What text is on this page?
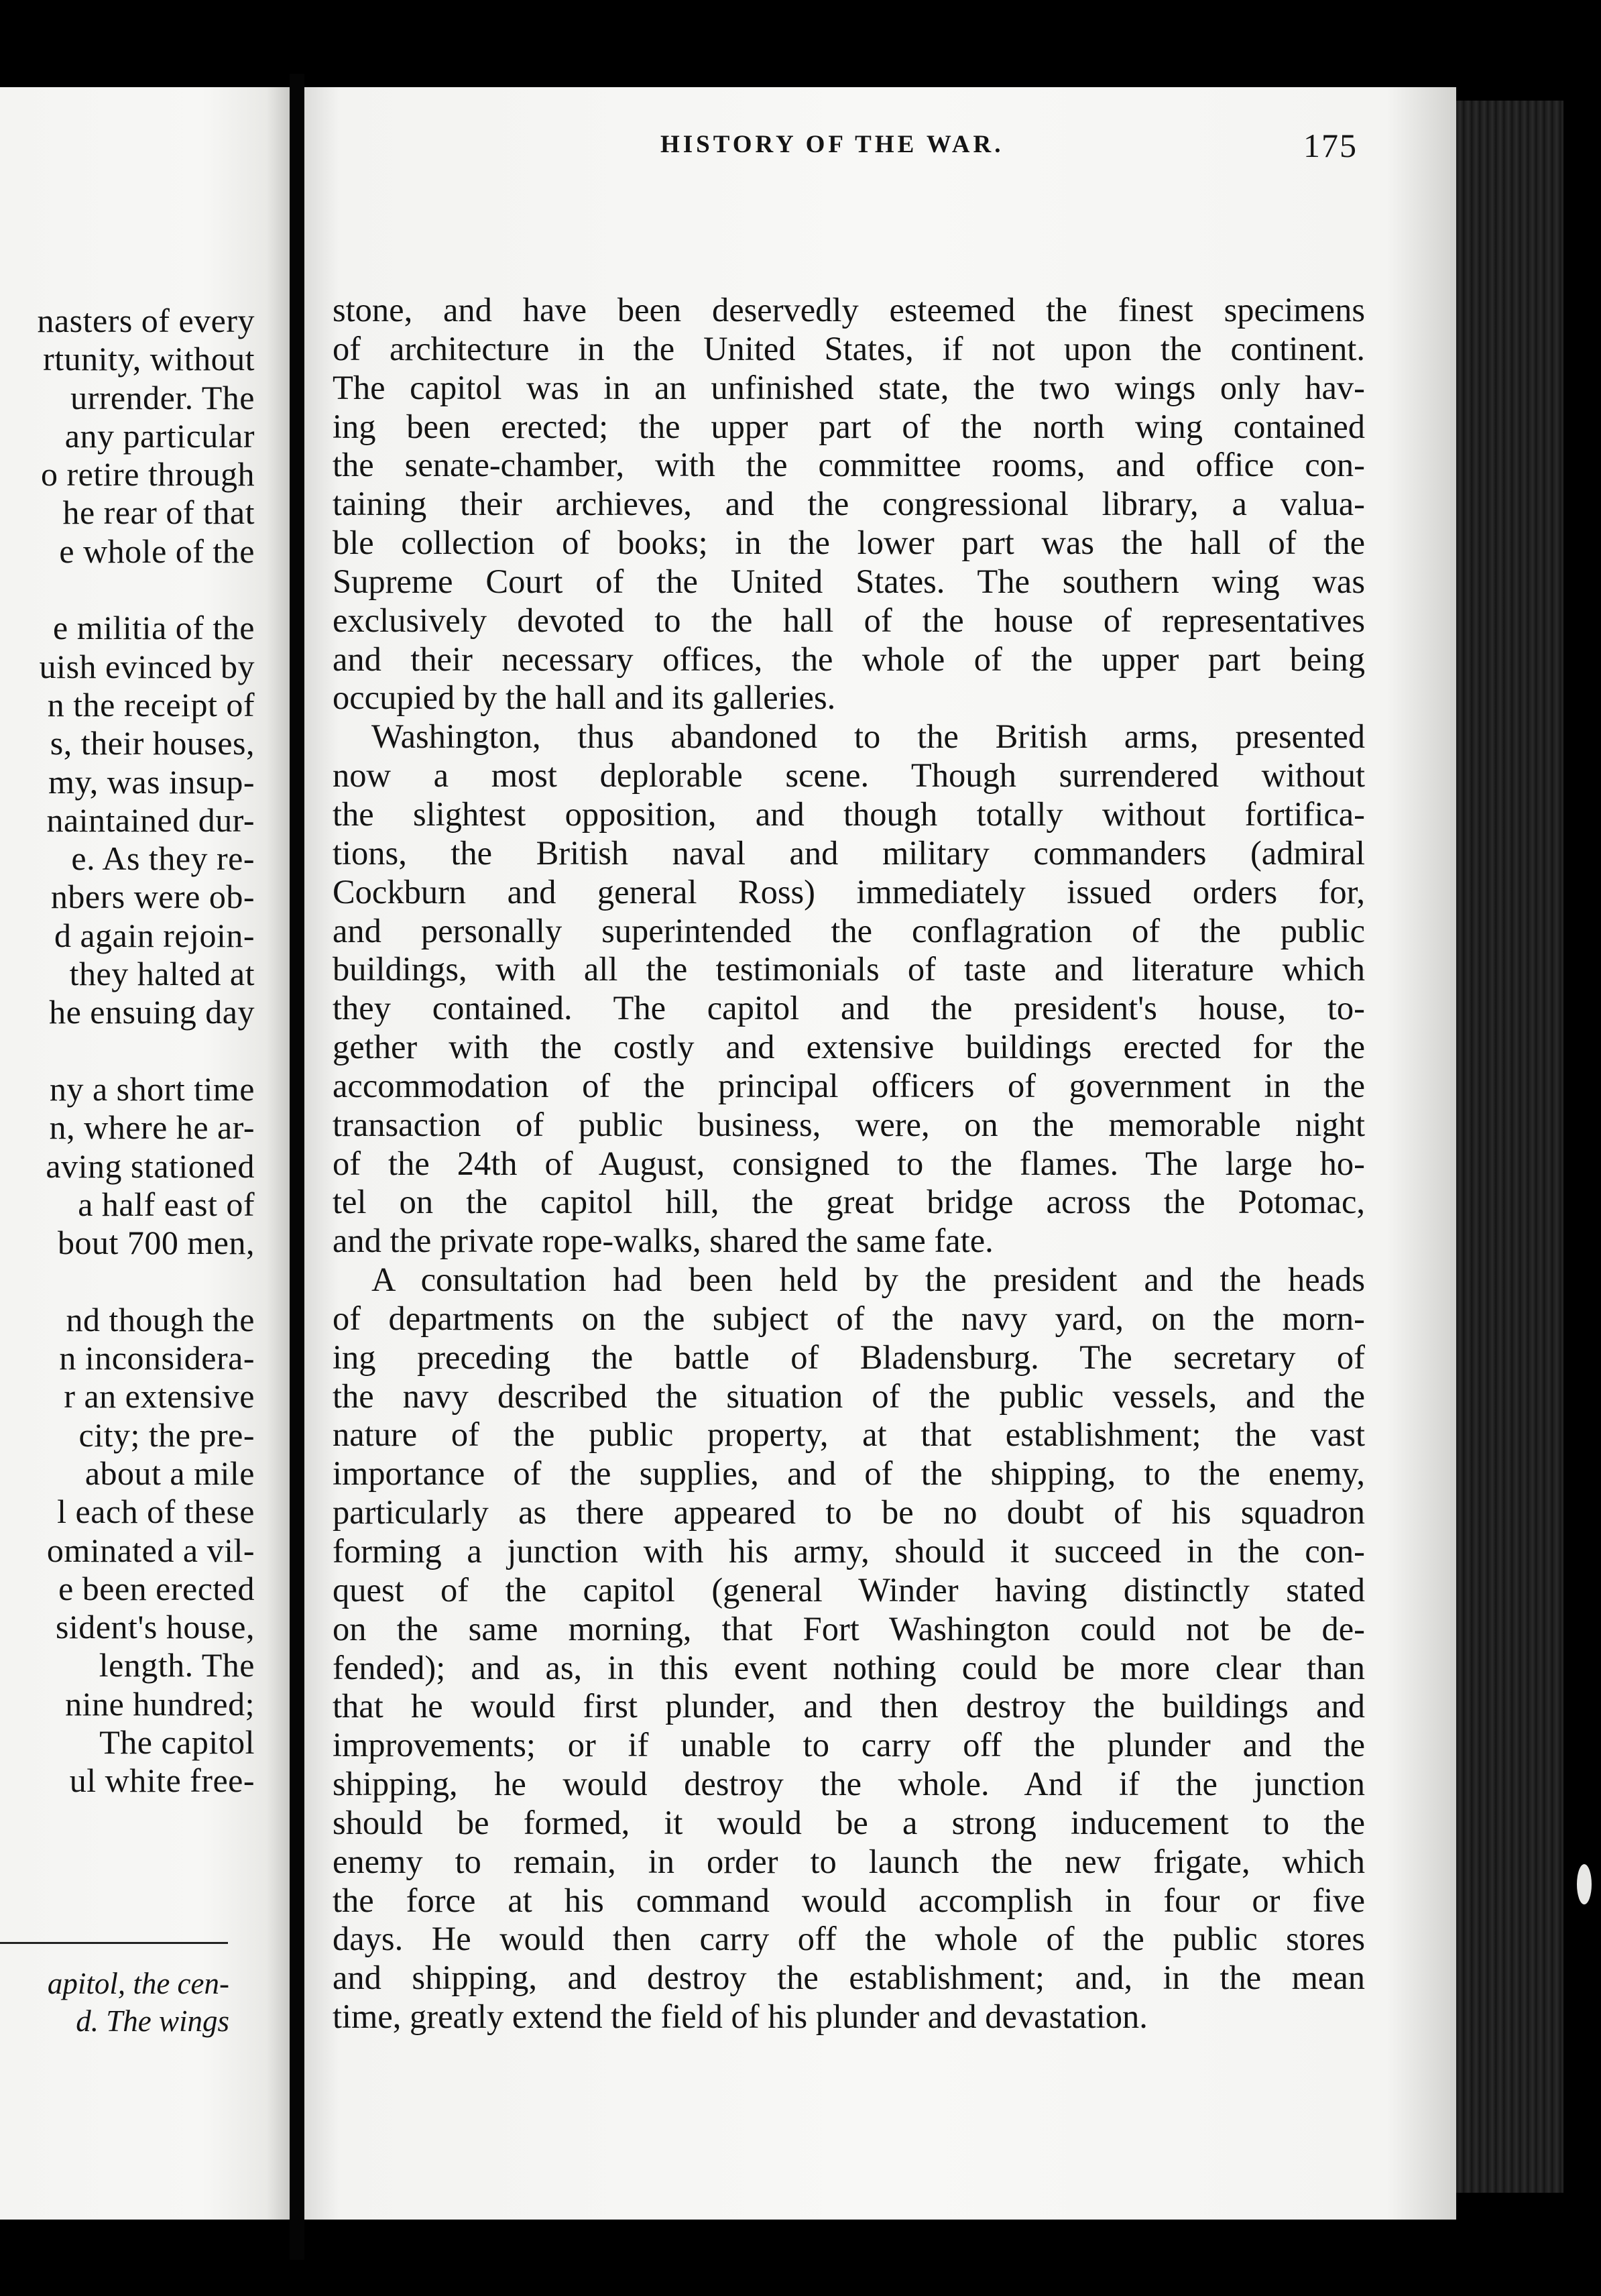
nasters of every
rtunity, without
urrender. The
any particular
o retire through
he rear of that
e whole of the
e militia of the
uish evinced by
n the receipt of
s, their houses,
my, was insup-
naintained dur-
e. As they re-
nbers were ob-
d again rejoin-
they halted at
he ensuing day
ny a short time
n, where he ar-
aving stationed
a half east of
bout 700 men,
nd though the
n inconsidera-
r an extensive
city; the pre-
about a mile
l each of these
ominated a vil-
e been erected
sident's house,
length. The
nine hundred;
The capitol
ul white free-
apitol, the cen-
d. The wings
HISTORY OF THE WAR.	175
stone, and have been deservedly esteemed the finest specimens
of architecture in the United States, if not upon the continent.
The capitol was in an unfinished state, the two wings only hav-
ing been erected; the upper part of the north wing contained
the senate-chamber, with the committee rooms, and office con-
taining their archieves, and the congressional library, a valua-
ble collection of books; in the lower part was the hall of the
Supreme Court of the United States. The southern wing was
exclusively devoted to the hall of the house of representatives
and their necessary offices, the whole of the upper part being
occupied by the hall and its galleries.
Washington, thus abandoned to the British arms, presented
now a most deplorable scene. Though surrendered without
the slightest opposition, and though totally without fortifica-
tions, the British naval and military commanders (admiral
Cockburn and general Ross) immediately issued orders for,
and personally superintended the conflagration of the public
buildings, with all the testimonials of taste and literature which
they contained. The capitol and the president's house, to-
gether with the costly and extensive buildings erected for the
accommodation of the principal officers of government in the
transaction of public business, were, on the memorable night
of the 24th of August, consigned to the flames. The large ho-
tel on the capitol hill, the great bridge across the Potomac,
and the private rope-walks, shared the same fate.
A consultation had been held by the president and the heads
of departments on the subject of the navy yard, on the morn-
ing preceding the battle of Bladensburg. The secretary of
the navy described the situation of the public vessels, and the
nature of the public property, at that establishment; the vast
importance of the supplies, and of the shipping, to the enemy,
particularly as there appeared to be no doubt of his squadron
forming a junction with his army, should it succeed in the con-
quest of the capitol (general Winder having distinctly stated
on the same morning, that Fort Washington could not be de-
fended); and as, in this event nothing could be more clear than
that he would first plunder, and then destroy the buildings and
improvements; or if unable to carry off the plunder and the
shipping, he would destroy the whole. And if the junction
should be formed, it would be a strong inducement to the
enemy to remain, in order to launch the new frigate, which
the force at his command would accomplish in four or five
days. He would then carry off the whole of the public stores
and shipping, and destroy the establishment; and, in the mean
time, greatly extend the field of his plunder and devastation.
